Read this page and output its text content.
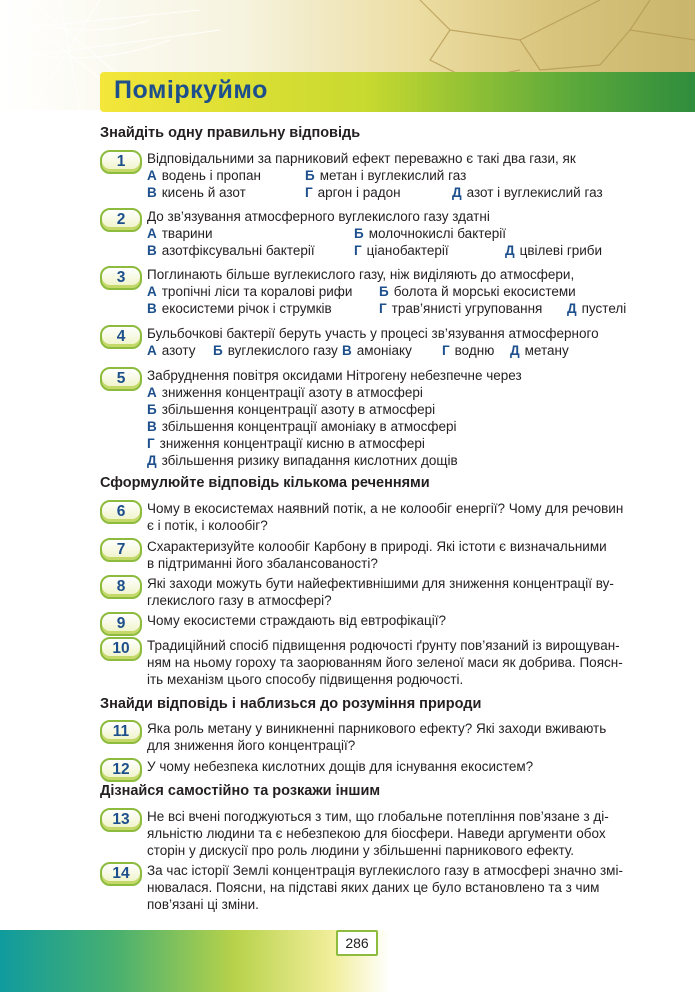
Поміркуймо
Знайдіть одну правильну відповідь
1	Відповідальними за парниковий ефект переважно є такі два гази, як
А водень і пропан	Б метан і вуглекислий газ
В кисень й азот	Г аргон і радон	Д азот і вуглекислий газ
2	До зв’язування атмосферного вуглекислого газу здатні
А тварини	Б молочнокислі бактерії
В азотфіксувальні бактерії	Г ціанобактерії	Д цвілеві гриби
3	Поглинають більше вуглекислого газу, ніж виділяють до атмосфери,
А тропічні ліси та коралові рифи Б болота й морські екосистеми
В екосистеми річок і струмків	Г трав’янисті угруповання Д пустелі
4	Бульбочкові бактерії беруть участь у процесі зв’язування атмосферного
А азоту Б вуглекислого газу В амоніаку Г водню Д метану
5	Забруднення повітря оксидами Нітрогену небезпечне через
А зниження концентрації азоту в атмосфері
Б збільшення концентрації азоту в атмосфері
В збільшення концентрації амоніаку в атмосфері
Г зниження концентрації кисню в атмосфері
Д збільшення ризику випадання кислотних дощів
Сформулюйте відповідь кількома реченнями
6	Чому в екосистемах наявний потік, а не колообіг енергії? Чому для речовин
є і потік, і колообіг?
7	Схарактеризуйте колообіг Карбону в природі. Які істоти є визначальними
в підтриманні його збалансованості?
8	Які заходи можуть бути найефективнішими для зниження концентрації ву-
глекислого газу в атмосфері?
9	Чому екосистеми страждають від евтрофікації?
10	Традиційний спосіб підвищення родючості ґрунту пов’язаний із вирощуван-
ням на ньому гороху та заорюванням його зеленої маси як добрива. Поясн-
іть механізм цього способу підвищення родючості.
Знайди відповідь і наблизься до розуміння природи
11	Яка роль метану у виникненні парникового ефекту? Які заходи вживають
для зниження його концентрації?
12	У чому небезпека кислотних дощів для існування екосистем?
Дізнайся самостійно та розкажи іншим
13	Не всі вчені погоджуються з тим, що глобальне потепління пов’язане з ді-
яльністю людини та є небезпекою для біосфери. Наведи аргументи обох
сторін у дискусії про роль людини у збільшенні парникового ефекту.
14	За час історії Землі концентрація вуглекислого газу в атмосфері значно змі-
нювалася. Поясни, на підставі яких даних це було встановлено та з чим
пов’язані ці зміни.
286
